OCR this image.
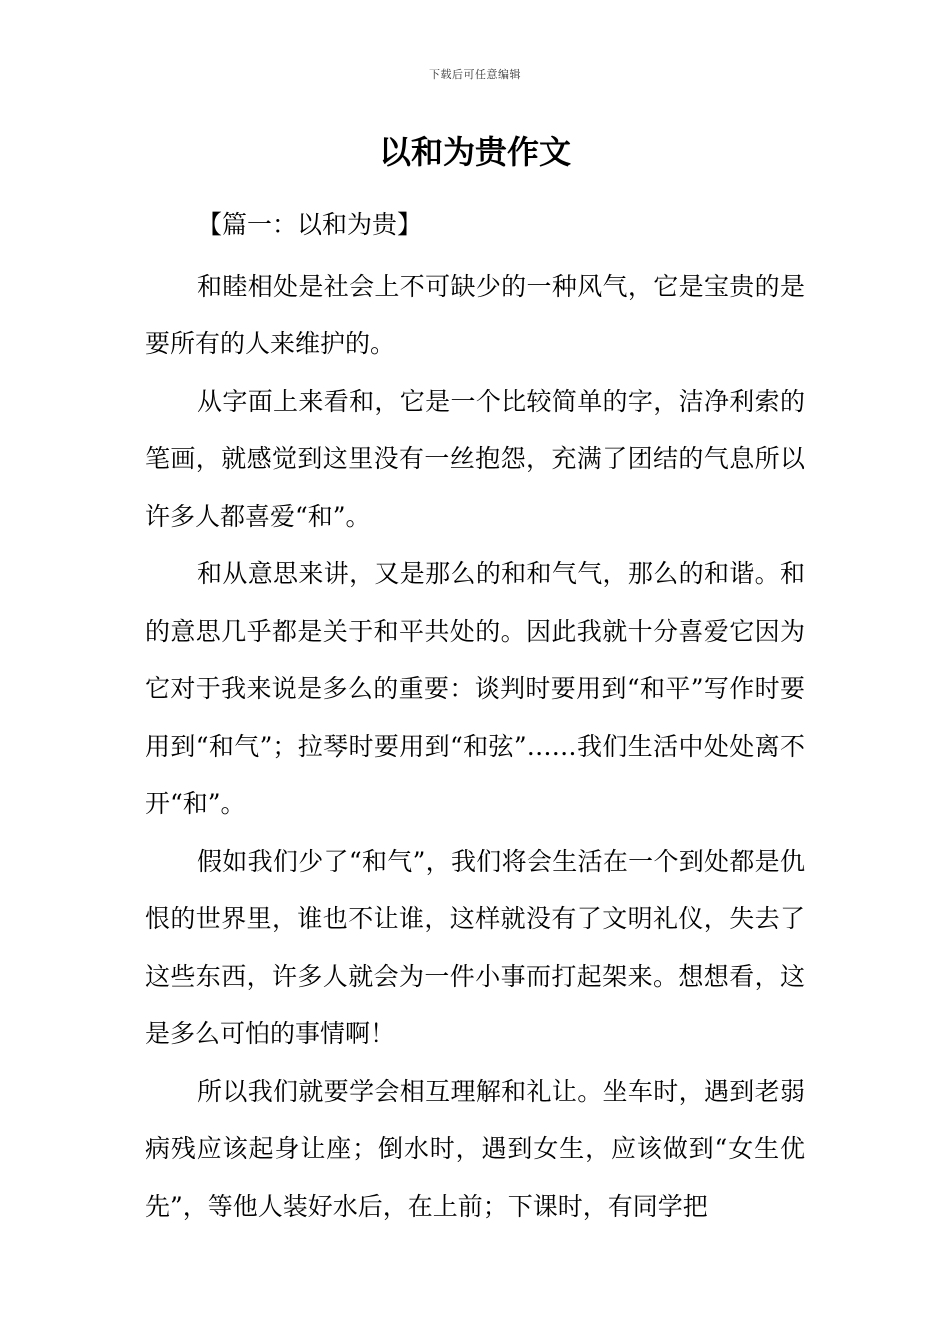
下载后可任意编辑
以和为贵作文

【篇一：以和为贵】

和睦相处是社会上不可缺少的一种风气，它是宝贵的是要所有的人来维护的。

从字面上来看和，它是一个比较简单的字，洁净利索的笔画，就感觉到这里没有一丝抱怨，充满了团结的气息所以许多人都喜爱“和”。

和从意思来讲，又是那么的和和气气，那么的和谐。和的意思几乎都是关于和平共处的。因此我就十分喜爱它因为它对于我来说是多么的重要：谈判时要用到“和平”写作时要用到“和气”；拉琴时要用到“和弦”……我们生活中处处离不开“和”。

假如我们少了“和气”，我们将会生活在一个到处都是仇恨的世界里，谁也不让谁，这样就没有了文明礼仪，失去了这些东西，许多人就会为一件小事而打起架来。想想看，这是多么可怕的事情啊！

所以我们就要学会相互理解和礼让。坐车时，遇到老弱病残应该起身让座；倒水时，遇到女生，应该做到“女生优先”，等他人装好水后，在上前；下课时，有同学把
